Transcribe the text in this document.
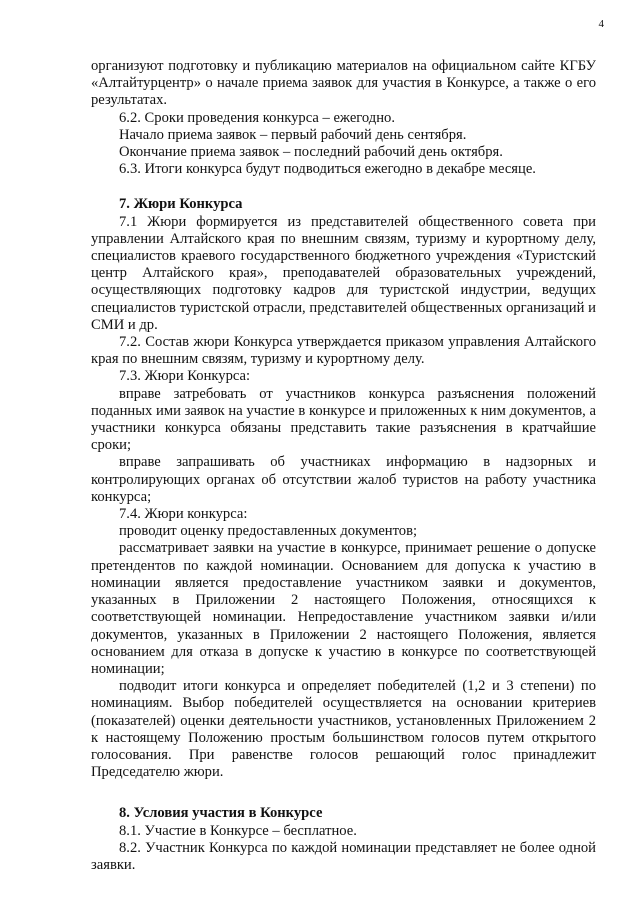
4

организуют подготовку и публикацию материалов на официальном сайте КГБУ «Алтайтурцентр» о начале приема заявок для участия в Конкурсе, а также о его результатах.

6.2. Сроки проведения конкурса – ежегодно.

Начало приема заявок – первый рабочий день сентября.

Окончание приема заявок – последний рабочий день октября.

6.3. Итоги конкурса будут подводиться ежегодно в декабре месяце.

7. Жюри Конкурса

7.1 Жюри формируется из представителей общественного совета при управлении Алтайского края по внешним связям, туризму и курортному делу, специалистов краевого государственного бюджетного учреждения «Туристский центр Алтайского края», преподавателей образовательных учреждений, осуществляющих подготовку кадров для туристской индустрии, ведущих специалистов туристской отрасли, представителей общественных организаций и СМИ и др.

7.2. Состав жюри Конкурса утверждается приказом управления Алтайского края по внешним связям, туризму и курортному делу.

7.3. Жюри Конкурса:

вправе затребовать от участников конкурса разъяснения положений поданных ими заявок на участие в конкурсе и приложенных к ним документов, а участники конкурса обязаны представить такие разъяснения в кратчайшие сроки;

вправе запрашивать об участниках информацию в надзорных и контролирующих органах об отсутствии жалоб туристов на работу участника конкурса;

7.4. Жюри конкурса:

проводит оценку предоставленных документов;

рассматривает заявки на участие в конкурсе, принимает решение о допуске претендентов по каждой номинации. Основанием для допуска к участию в номинации является предоставление участником заявки и документов, указанных в Приложении 2 настоящего Положения, относящихся к соответствующей номинации. Непредоставление участником заявки и/или документов, указанных в Приложении 2 настоящего Положения, является основанием для отказа в допуске к участию в конкурсе по соответствующей номинации;

подводит итоги конкурса и определяет победителей (1,2 и 3 степени) по номинациям. Выбор победителей осуществляется на основании критериев (показателей) оценки деятельности участников, установленных Приложением 2 к настоящему Положению простым большинством голосов путем открытого голосования. При равенстве голосов решающий голос принадлежит Председателю жюри.

8. Условия участия в Конкурсе

8.1. Участие в Конкурсе – бесплатное.

8.2. Участник Конкурса по каждой номинации представляет не более одной заявки.
